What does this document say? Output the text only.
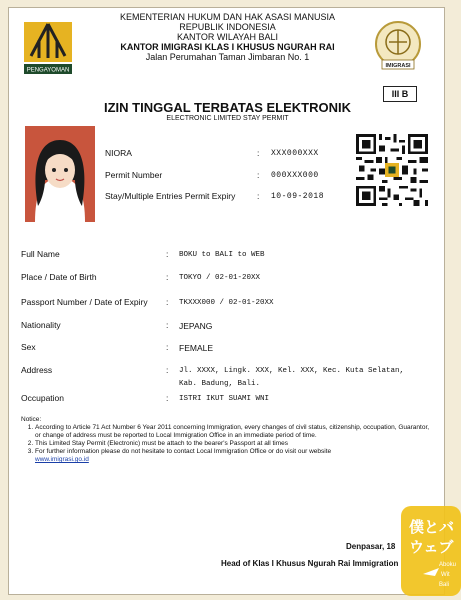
PENGAYOMAN
IMIGRASI
KEMENTERIAN HUKUM DAN HAK ASASI MANUSIA
REPUBLIK INDONESIA
KANTOR WILAYAH BALI
KANTOR IMIGRASI KLAS I KHUSUS NGURAH RAI
Jalan Perumahan Taman Jimbaran No. 1
III B
IZIN TINGGAL TERBATAS ELEKTRONIK
ELECTRONIC LIMITED STAY PERMIT
NIORA	: XXX000XXX
Permit Number	: 000XXX000
Stay/Multiple Entries Permit Expiry	: 10-09-2018
Full Name	: BOKU to BALI to WEB
Place / Date of Birth	: TOKYO / 02-01-20XX
Passport Number / Date of Expiry : TKXXX000 / 02-01-20XX
Nationality	: JEPANG
Sex	: FEMALE
Address	: Jl. XXXX, Lingk. XXX, Kel. XXX, Kec. Kuta Selatan,
Kab. Badung, Bali.
Occupation	: ISTRI IKUT SUAMI WNI
Notice:
1. According to Article 71 Act Number 6 Year 2011 concerning Immigration, every changes of civil status, citizenship, occupation, Guarantor, or change of address must be reported to Local Immigration Office in an immediate period of time.
2. This Limited Stay Permit (Electronic) must be attach to the bearer's Passport at all times
3. For further information please do not hesitate to contact Local Immigration Office or do visit our website
www.imigrasi.go.id
Denpasar, 18
Head of Klas I Khusus Ngurah Rai Immigration
僕とバ
ウェブ
Aboku
Wit
Bali
